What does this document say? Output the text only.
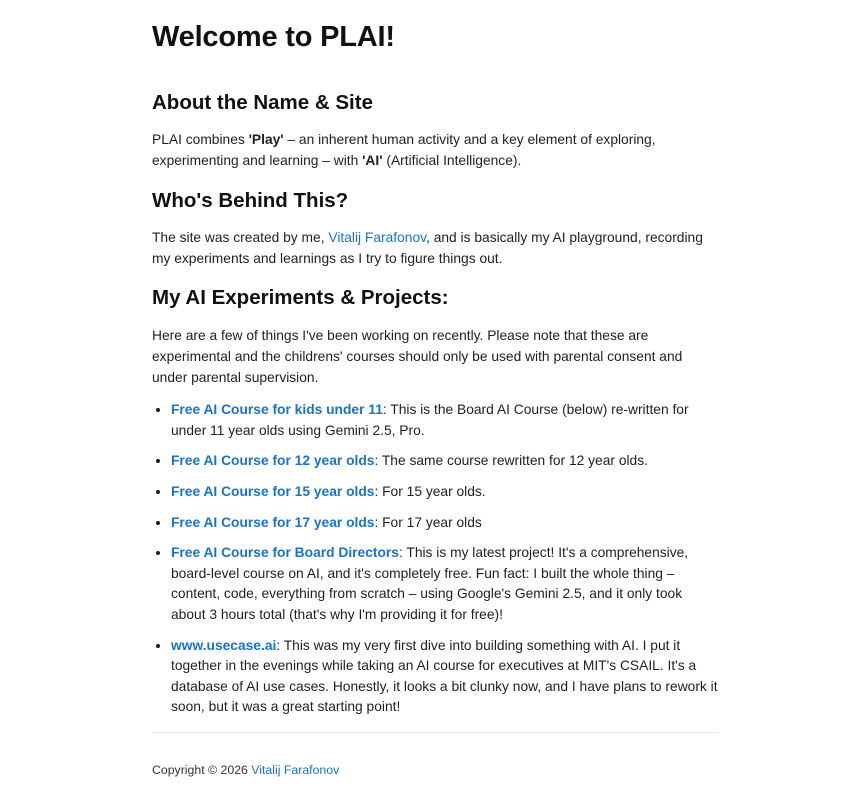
Welcome to PLAI!
About the Name & Site

PLAI combines 'Play' – an inherent human activity and a key element of exploring, experimenting and learning – with 'AI' (Artificial Intelligence).

Who's Behind This?

The site was created by me, Vitalij Farafonov, and is basically my AI playground, recording my experiments and learnings as I try to figure things out.

My AI Experiments & Projects:

Here are a few of things I've been working on recently. Please note that these are experimental and the childrens' courses should only be used with parental consent and under parental supervision.

• Free AI Course for kids under 11: This is the Board AI Course (below) re-written for under 11 year olds using Gemini 2.5, Pro.
• Free AI Course for 12 year olds: The same course rewritten for 12 year olds.
• Free AI Course for 15 year olds: For 15 year olds.
• Free AI Course for 17 year olds: For 17 year olds
• Free AI Course for Board Directors: This is my latest project! It's a comprehensive, board-level course on AI, and it's completely free. Fun fact: I built the whole thing – content, code, everything from scratch – using Google's Gemini 2.5, and it only took about 3 hours total (that's why I'm providing it for free)!
• www.usecase.ai: This was my very first dive into building something with AI. I put it together in the evenings while taking an AI course for executives at MIT's CSAIL. It's a database of AI use cases. Honestly, it looks a bit clunky now, and I have plans to rework it soon, but it was a great starting point!
Copyright © 2026 Vitalij Farafonov
